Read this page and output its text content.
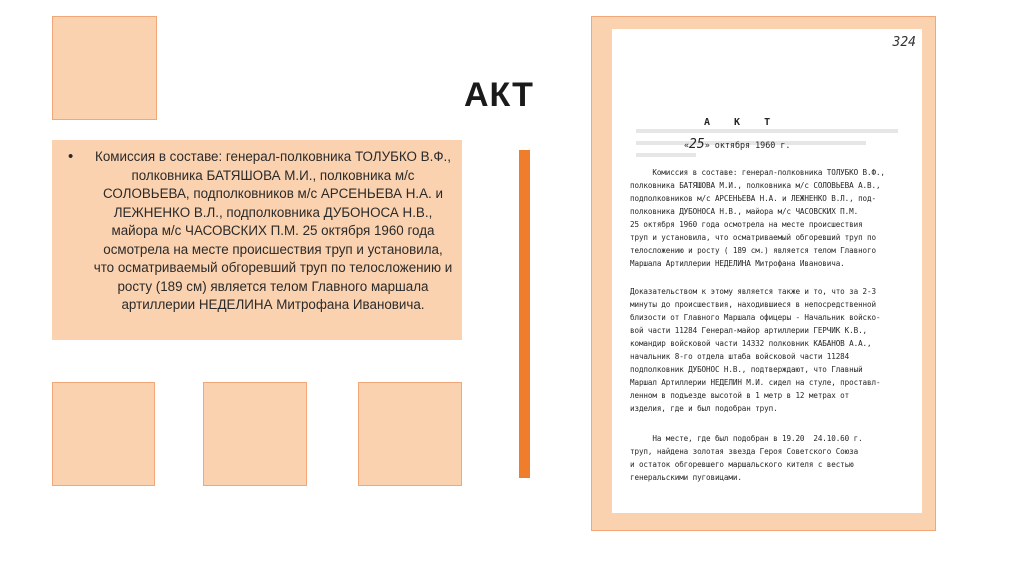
АКТ
•	Комиссия в составе: генерал-полковника ТОЛУБКО В.Ф., полковника БАТЯШОВА М.И., полковника м/с СОЛОВЬЕВА, подполковников м/с АРСЕНЬЕВА Н.А. и ЛЕЖНЕНКО В.Л., подполковника ДУБОНОСА Н.В., майора м/с ЧАСОВСКИХ П.М. 25 октября 1960 года осмотрела на месте происшествия труп и установила, что осматриваемый обгоревший труп по телосложению и росту (189 см) является телом Главного маршала артиллерии НЕДЕЛИНА Митрофана Ивановича.
324
А К Т
«25» октября 1960 г.
Комиссия в составе: генерал-полковника ТОЛУБКО В.Ф.,
полковника БАТЯШОВА М.И., полковника м/с СОЛОВЬЕВА А.В.,
подполковников м/с АРСЕНЬЕВА Н.А. и ЛЕЖНЕНКО В.Л., под-
полковника ДУБОНОСА Н.В., майора м/с ЧАСОВСКИХ П.М.
25 октября 1960 года осмотрела на месте происшествия
труп и установила, что осматриваемый обгоревший труп по
телосложению и росту ( 189 см.) является телом Главного
Маршала Артиллерии НЕДЕЛИНА Митрофана Ивановича.
Доказательством к этому является также и то, что за 2-3
минуты до происшествия, находившиеся в непосредственной
близости от Главного Маршала офицеры - Начальник войско-
вой части 11284 Генерал-майор артиллерии ГЕРЧИК К.В.,
командир войсковой части 14332 полковник КАБАНОВ А.А.,
начальник 8-го отдела штаба войсковой части 11284
подполковник ДУБОНОС Н.В., подтверждают, что Главный
Маршал Артиллерии НЕДЕЛИН М.И. сидел на стуле, проставл-
ленном в подъезде высотой в 1 метр в 12 метрах от
изделия, где и был подобран труп.
На месте, где был подобран в 19.20  24.10.60 г.
труп, найдена золотая звезда Героя Советского Союза
и остаток обгоревшего маршальского кителя с вестью
генеральскими пуговицами.
